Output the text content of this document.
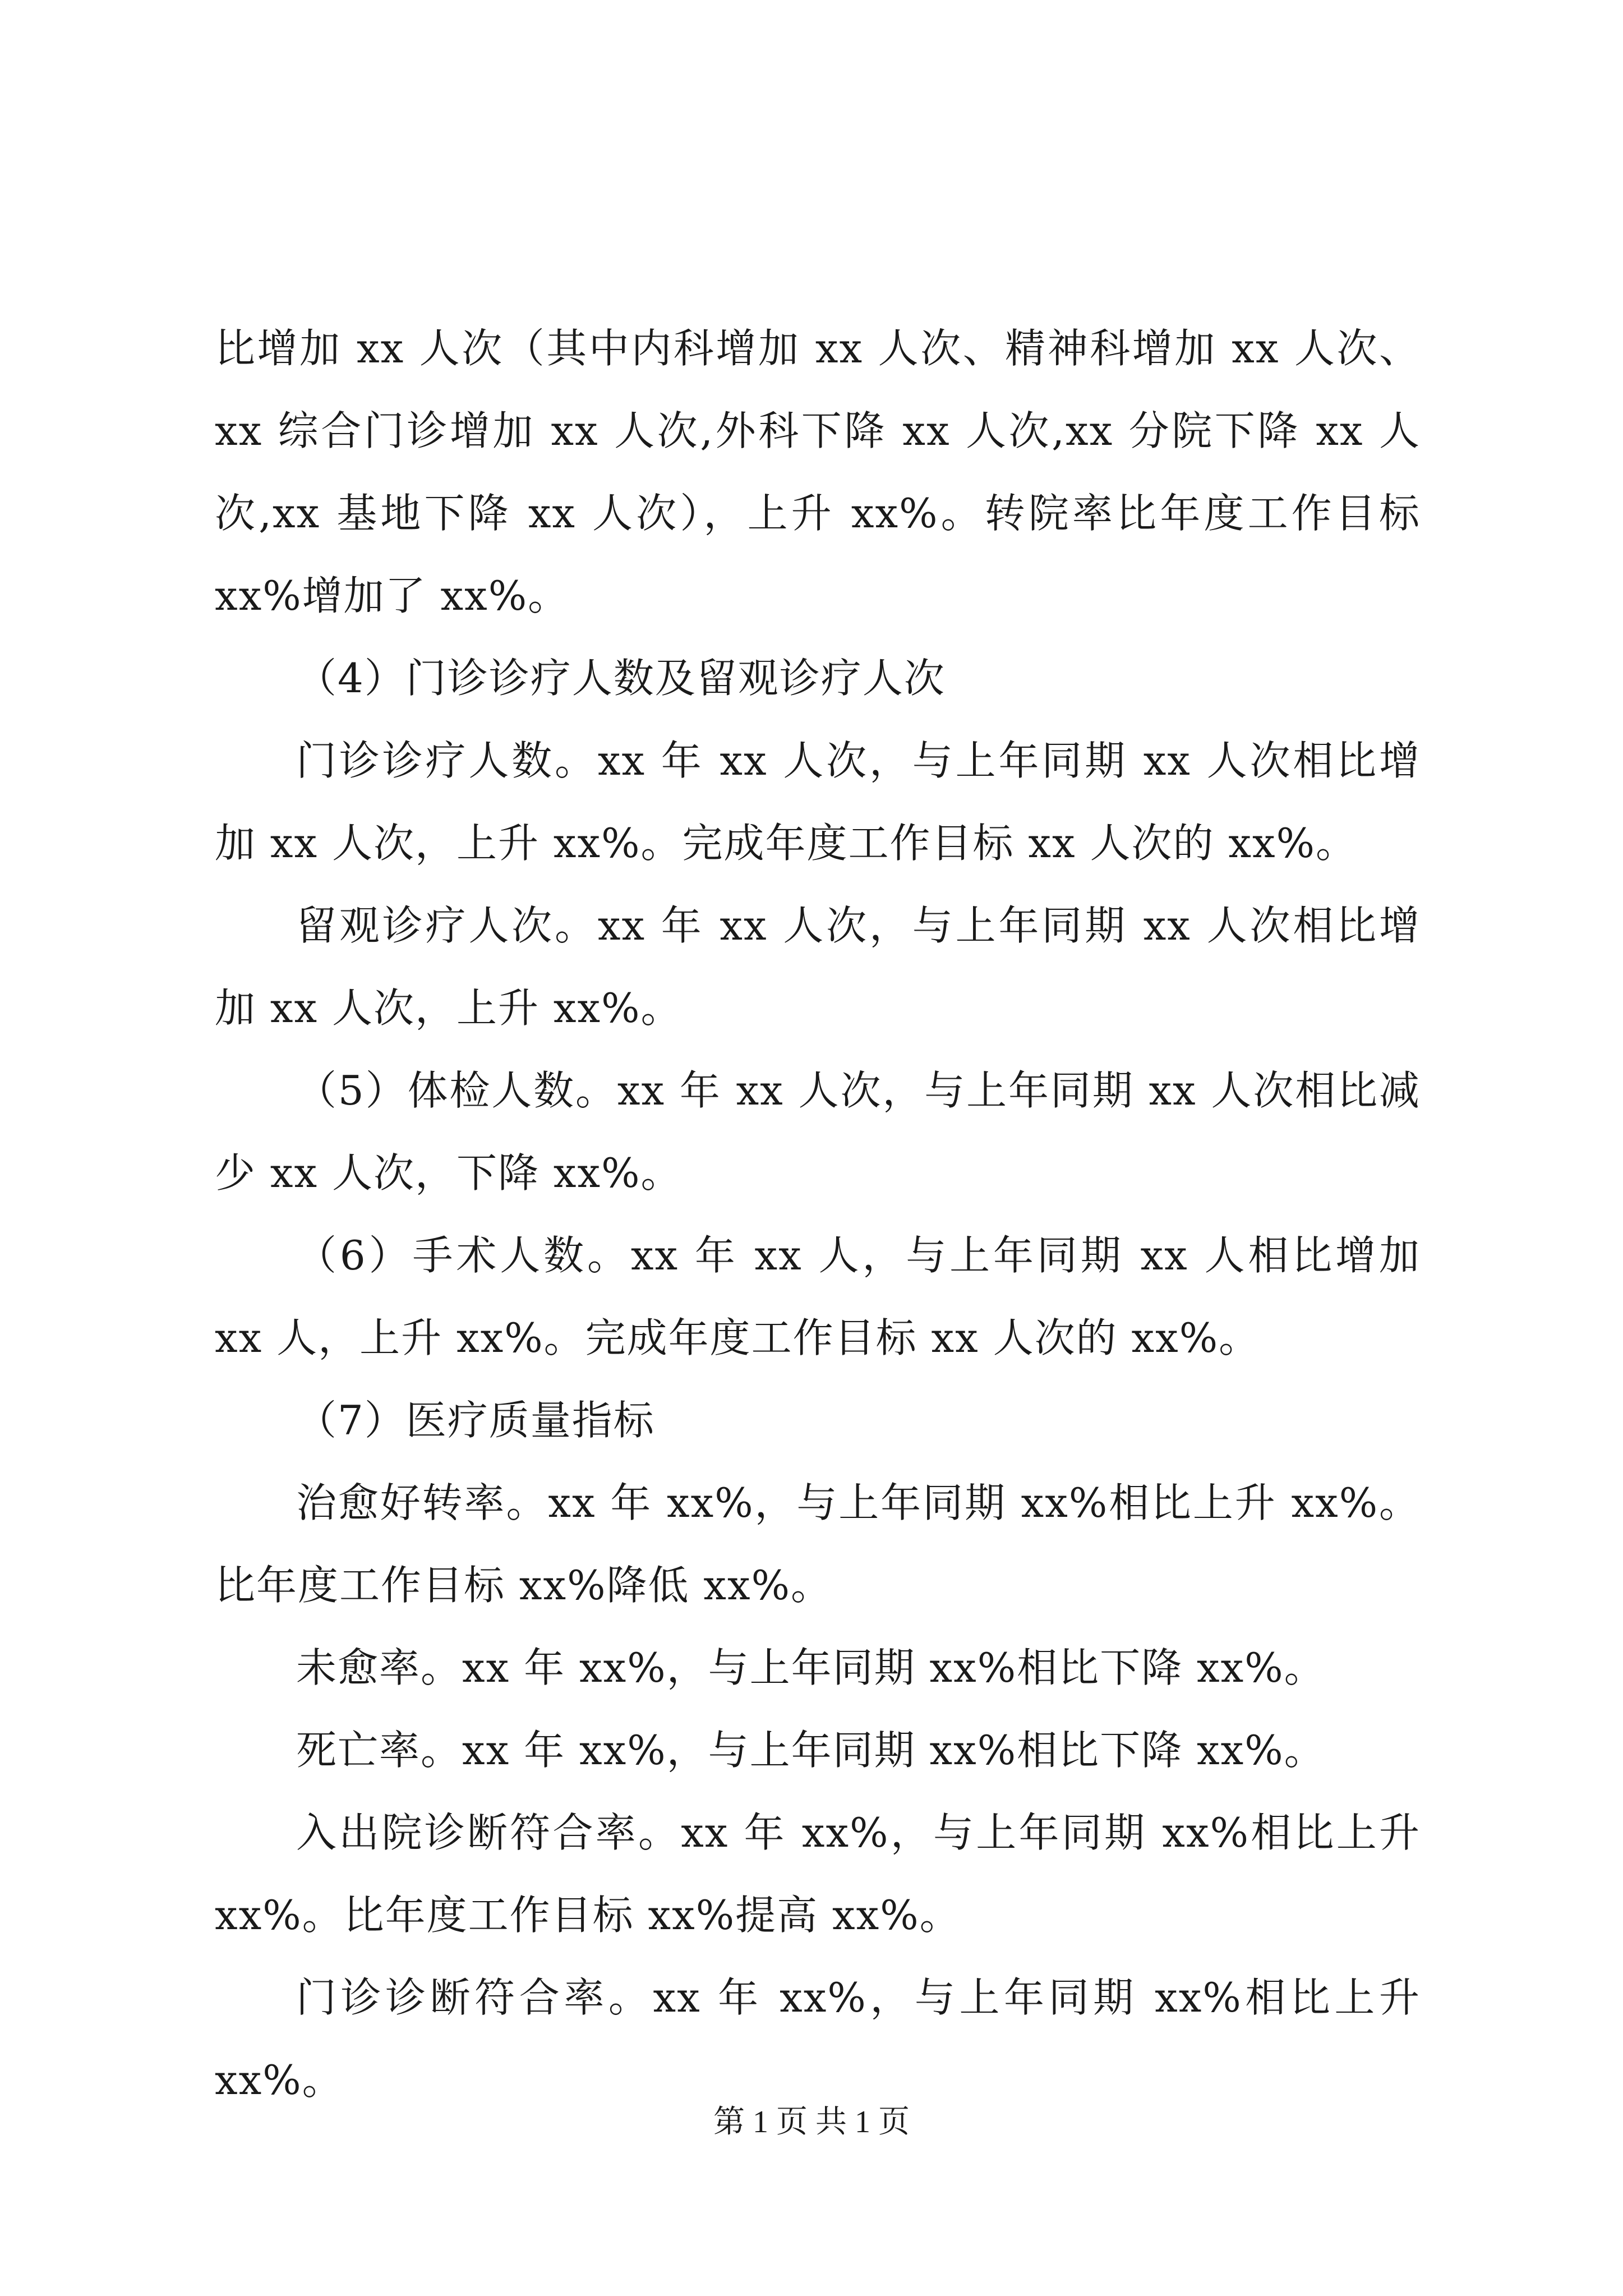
比增加 xx 人次（其中内科增加 xx 人次、精神科增加 xx 人次、xx 综合门诊增加 xx 人次,外科下降 xx 人次,xx 分院下降 xx 人次,xx 基地下降 xx 人次），上升 xx%。转院率比年度工作目标 xx%增加了 xx%。

（4）门诊诊疗人数及留观诊疗人次

门诊诊疗人数。xx 年 xx 人次，与上年同期 xx 人次相比增加 xx 人次，上升 xx%。完成年度工作目标 xx 人次的 xx%。

留观诊疗人次。xx 年 xx 人次，与上年同期 xx 人次相比增加 xx 人次，上升 xx%。

（5）体检人数。xx 年 xx 人次，与上年同期 xx 人次相比减少 xx 人次，下降 xx%。

（6）手术人数。xx 年 xx 人，与上年同期 xx 人相比增加 xx 人，上升 xx%。完成年度工作目标 xx 人次的 xx%。

（7）医疗质量指标

治愈好转率。xx 年 xx%，与上年同期 xx%相比上升 xx%。比年度工作目标 xx%降低 xx%。

未愈率。xx 年 xx%，与上年同期 xx%相比下降 xx%。

死亡率。xx 年 xx%，与上年同期 xx%相比下降 xx%。

入出院诊断符合率。xx 年 xx%，与上年同期 xx%相比上升 xx%。比年度工作目标 xx%提高 xx%。

门诊诊断符合率。xx 年 xx%，与上年同期 xx%相比上升 xx%。

第 1 页 共 1 页
